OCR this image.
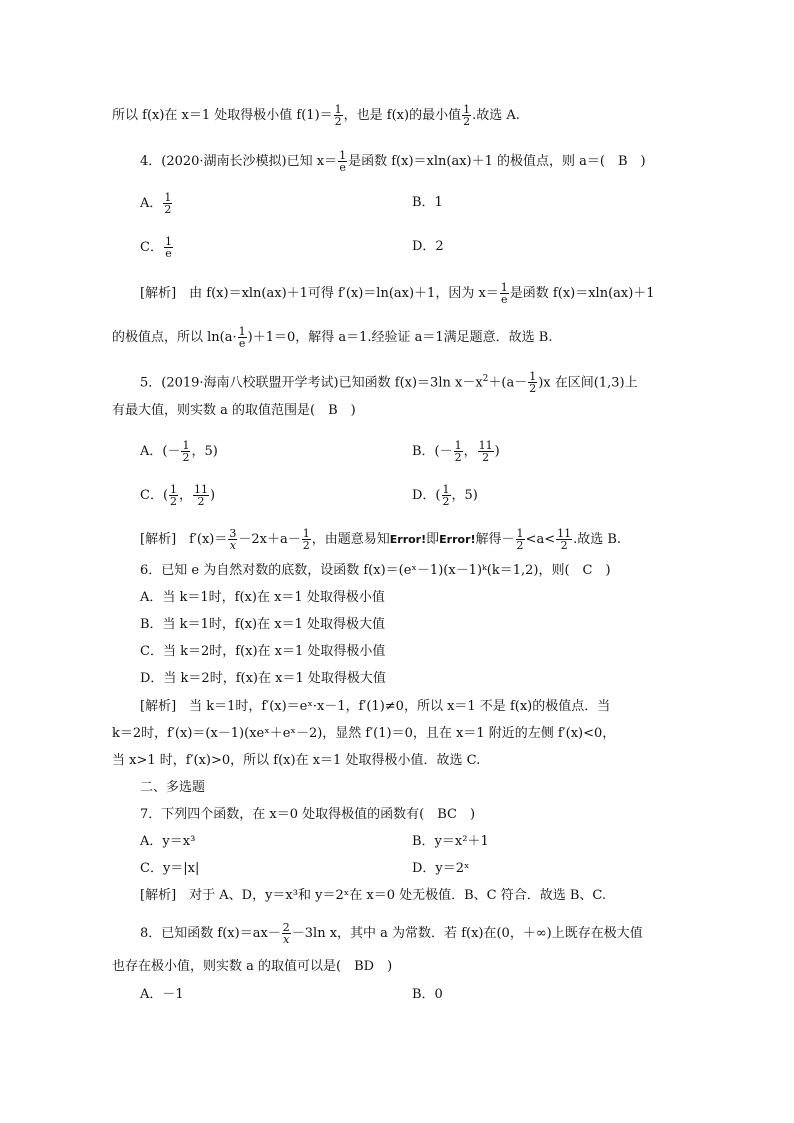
所以 f(x)在 x＝1 处取得极小值 $f(1)= \frac{1}{2}$ ，也是 f(x)的最小值 $\frac{1}{2}$ .故选 A.
4．(2020·湖南长沙模拟)已知 $x= \frac{1}{e}$ 是函数 f(x)＝xln(ax)＋1 的极值点，则 a＝(　B　)
A． $\frac{1}{2}$	B．1
C． $\frac{1}{e}$	D．2
[解析]　由 f(x)＝xln(ax)＋1可得 f′(x)＝ln(ax)＋1，因为 $x= \frac{1}{e}$ 是函数 f(x)＝xln(ax)＋1
的极值点，所以 $\ln(a\cdot \frac{1}{e} )+1=0$，解得 a＝1.经验证 a＝1满足题意．故选 B.
5．(2019·海南八校联盟开学考试)已知函数 f(x)＝3ln $x-x^2+(a- \frac{1}{2} )x$ 在区间(1,3)上
有最大值，则实数 a 的取值范围是(　B　)
A．(－ $\frac{1}{2}$ ，5)	B．(－ $\frac{1}{2}$ ， $\frac{11}{2}$ )
C．( $\frac{1}{2}$ ， $\frac{11}{2}$ )	D．( $\frac{1}{2}$ ，5)
[解析]　$f'(x)= \frac{3}{x} -2x+a- \frac{1}{2}$ ，由题意易知Error!即Error!解得－ $\frac{1}{2} <a< \frac{11}{2}$ .故选 B.
6．已知 e 为自然对数的底数，设函数 f(x)＝(eˣ－1)(x－1)ᵏ(k＝1,2)，则(　C　)
A．当 k＝1时，f(x)在 x＝1 处取得极小值
B．当 k＝1时，f(x)在 x＝1 处取得极大值
C．当 k＝2时，f(x)在 x＝1 处取得极小值
D．当 k＝2时，f(x)在 x＝1 处取得极大值
[解析]　当 k＝1时，f′(x)＝eˣ·x－1，f′(1)≠0，所以 x＝1 不是 f(x)的极值点．当
k＝2时，f′(x)＝(x－1)(xeˣ＋eˣ－2)，显然 f′(1)＝0，且在 x＝1 附近的左侧 f′(x)<0，
当 x>1 时，f′(x)>0，所以 f(x)在 x＝1 处取得极小值．故选 C.
二、多选题
7．下列四个函数，在 x＝0 处取得极值的函数有(　BC　)
A．y＝x³	B．y＝x²＋1
C．y＝|x|	D．y＝2ˣ
[解析]　对于 A、D，y＝x³和 y＝2ˣ在 x＝0 处无极值．B、C 符合．故选 B、C.
8．已知函数 $f(x)=ax- \frac{2}{x} -3\ln$ x，其中 a 为常数．若 f(x)在(0，＋∞)上既存在极大值
也存在极小值，则实数 a 的取值可以是(　BD　)
A．－1	B．0
